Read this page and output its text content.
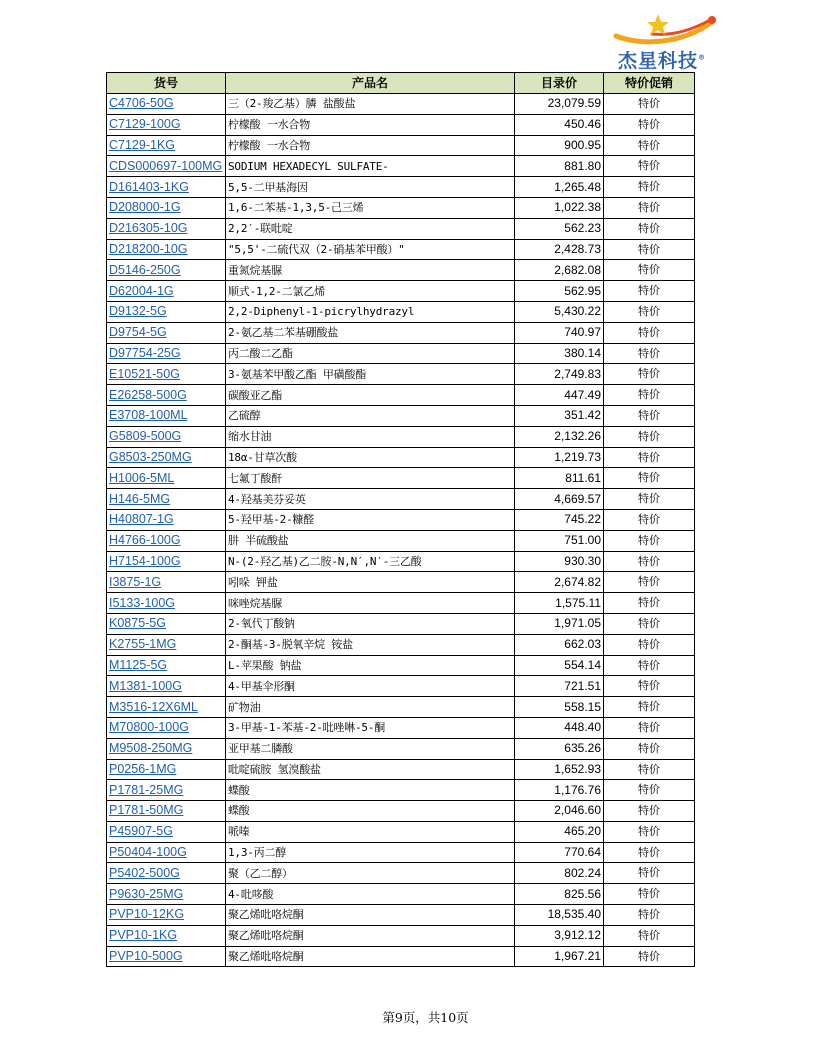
杰星科技®
货号	产品名	目录价	特价促销
C4706-50G	三（2-羧乙基）膦 盐酸盐	23,079.59	特价
C7129-100G	柠檬酸 一水合物	450.46	特价
C7129-1KG	柠檬酸 一水合物	900.95	特价
CDS000697-100MG	SODIUM HEXADECYL SULFATE-	881.80	特价
D161403-1KG	5,5-二甲基海因	1,265.48	特价
D208000-1G	1,6-二苯基-1,3,5-己三烯	1,022.38	特价
D216305-10G	2,2′-联吡啶	562.23	特价
D218200-10G	"5,5'-二硫代双（2-硝基苯甲酸）"	2,428.73	特价
D5146-250G	重氮烷基脲	2,682.08	特价
D62004-1G	顺式-1,2-二氯乙烯	562.95	特价
D9132-5G	2,2-Diphenyl-1-picrylhydrazyl	5,430.22	特价
D9754-5G	2-氨乙基二苯基硼酸盐	740.97	特价
D97754-25G	丙二酸二乙酯	380.14	特价
E10521-50G	3-氨基苯甲酸乙酯 甲磺酸酯	2,749.83	特价
E26258-500G	碳酸亚乙酯	447.49	特价
E3708-100ML	乙硫醇	351.42	特价
G5809-500G	缩水甘油	2,132.26	特价
G8503-250MG	18α-甘草次酸	1,219.73	特价
H1006-5ML	七氟丁酸酐	811.61	特价
H146-5MG	4-羟基美芬妥英	4,669.57	特价
H40807-1G	5-羟甲基-2-糠醛	745.22	特价
H4766-100G	肼 半硫酸盐	751.00	特价
H7154-100G	N-(2-羟乙基)乙二胺-N,N′,N′-三乙酸	930.30	特价
I3875-1G	吲哚 钾盐	2,674.82	特价
I5133-100G	咪唑烷基脲	1,575.11	特价
K0875-5G	2-氧代丁酸钠	1,971.05	特价
K2755-1MG	2-酮基-3-脱氧辛烷 铵盐	662.03	特价
M1125-5G	L-苹果酸 钠盐	554.14	特价
M1381-100G	4-甲基伞形酮	721.51	特价
M3516-12X6ML	矿物油	558.15	特价
M70800-100G	3-甲基-1-苯基-2-吡唑啉-5-酮	448.40	特价
M9508-250MG	亚甲基二膦酸	635.26	特价
P0256-1MG	吡啶硫胺 氢溴酸盐	1,652.93	特价
P1781-25MG	蝶酸	1,176.76	特价
P1781-50MG	蝶酸	2,046.60	特价
P45907-5G	哌嗪	465.20	特价
P50404-100G	1,3-丙二醇	770.64	特价
P5402-500G	聚（乙二醇）	802.24	特价
P9630-25MG	4-吡哆酸	825.56	特价
PVP10-12KG	聚乙烯吡咯烷酮	18,535.40	特价
PVP10-1KG	聚乙烯吡咯烷酮	3,912.12	特价
PVP10-500G	聚乙烯吡咯烷酮	1,967.21	特价
第9页，共10页
